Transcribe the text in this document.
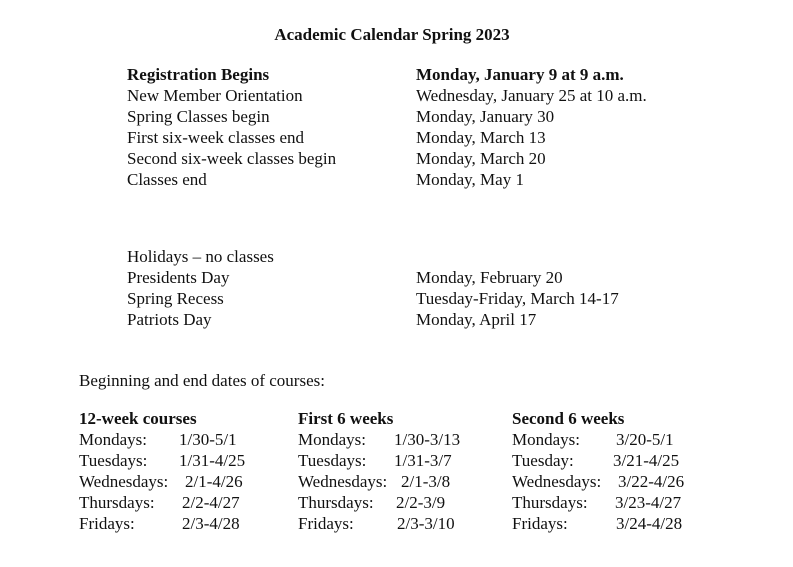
Academic Calendar Spring 2023
Registration Begins	Monday, January 9 at 9 a.m.
New Member Orientation	Wednesday, January 25 at 10 a.m.
Spring Classes begin	Monday, January 30
First six-week classes end	Monday, March 13
Second six-week classes begin	Monday, March 20
Classes end	Monday, May 1
Holidays – no classes
Presidents Day	Monday, February 20
Spring Recess	Tuesday-Friday, March 14-17
Patriots Day	Monday, April 17
Beginning and end dates of courses:
12-week courses
Mondays:	1/30-5/1
Tuesdays:	1/31-4/25
Wednesdays: 2/1-4/26
Thursdays:	2/2-4/27
Fridays:	2/3-4/28
First 6 weeks
Mondays:	1/30-3/13
Tuesdays:	1/31-3/7
Wednesdays: 2/1-3/8
Thursdays:	2/2-3/9
Fridays:	2/3-3/10
Second 6 weeks
Mondays:	3/20-5/1
Tuesday:	3/21-4/25
Wednesdays: 3/22-4/26
Thursdays:	3/23-4/27
Fridays:	3/24-4/28
